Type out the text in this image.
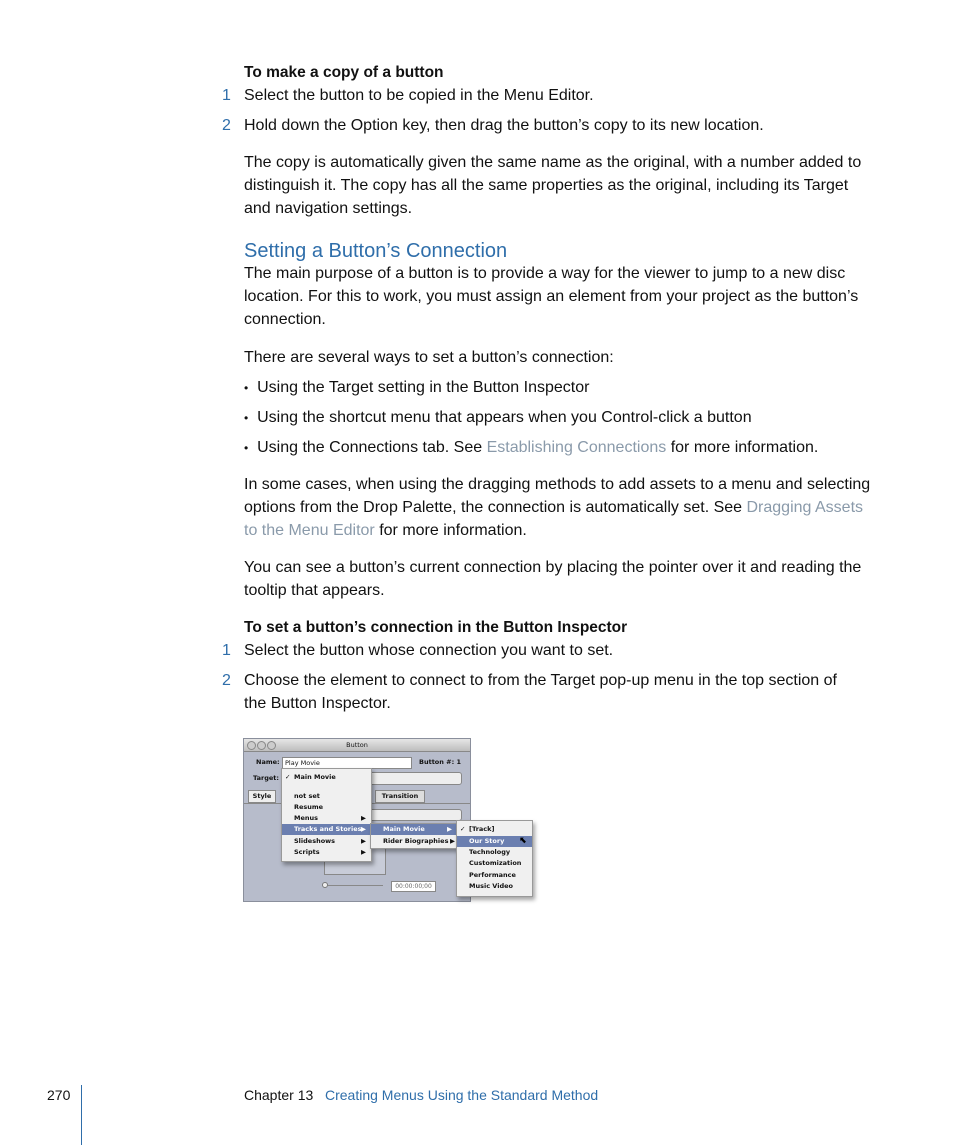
To make a copy of a button
1 Select the button to be copied in the Menu Editor.
2 Hold down the Option key, then drag the button’s copy to its new location.
The copy is automatically given the same name as the original, with a number added to
distinguish it. The copy has all the same properties as the original, including its Target
and navigation settings.
Setting a Button’s Connection
The main purpose of a button is to provide a way for the viewer to jump to a new disc
location. For this to work, you must assign an element from your project as the button’s
connection.
There are several ways to set a button’s connection:
• Using the Target setting in the Button Inspector
• Using the shortcut menu that appears when you Control-click a button
• Using the Connections tab. See Establishing Connections for more information.
In some cases, when using the dragging methods to add assets to a menu and selecting
options from the Drop Palette, the connection is automatically set. See Dragging Assets
to the Menu Editor for more information.
You can see a button’s current connection by placing the pointer over it and reading the
tooltip that appears.
To set a button’s connection in the Button Inspector
1 Select the button whose connection you want to set.
2 Choose the element to connect to from the Target pop-up menu in the top section of
the Button Inspector.
Button
Name: Play Movie	Button #: 1
Target:
Style	Transition
00:00:00;00
✓ Main Movie
not set
Resume
Menus	▶
Tracks and Stories ▶
Slideshows	▶
Scripts	▶
Main Movie	▶
Rider Biographies ▶
✓ [Track]
Our Story ⬉
Technology
Customization
Performance
Music Video
270	Chapter 13 Creating Menus Using the Standard Method
